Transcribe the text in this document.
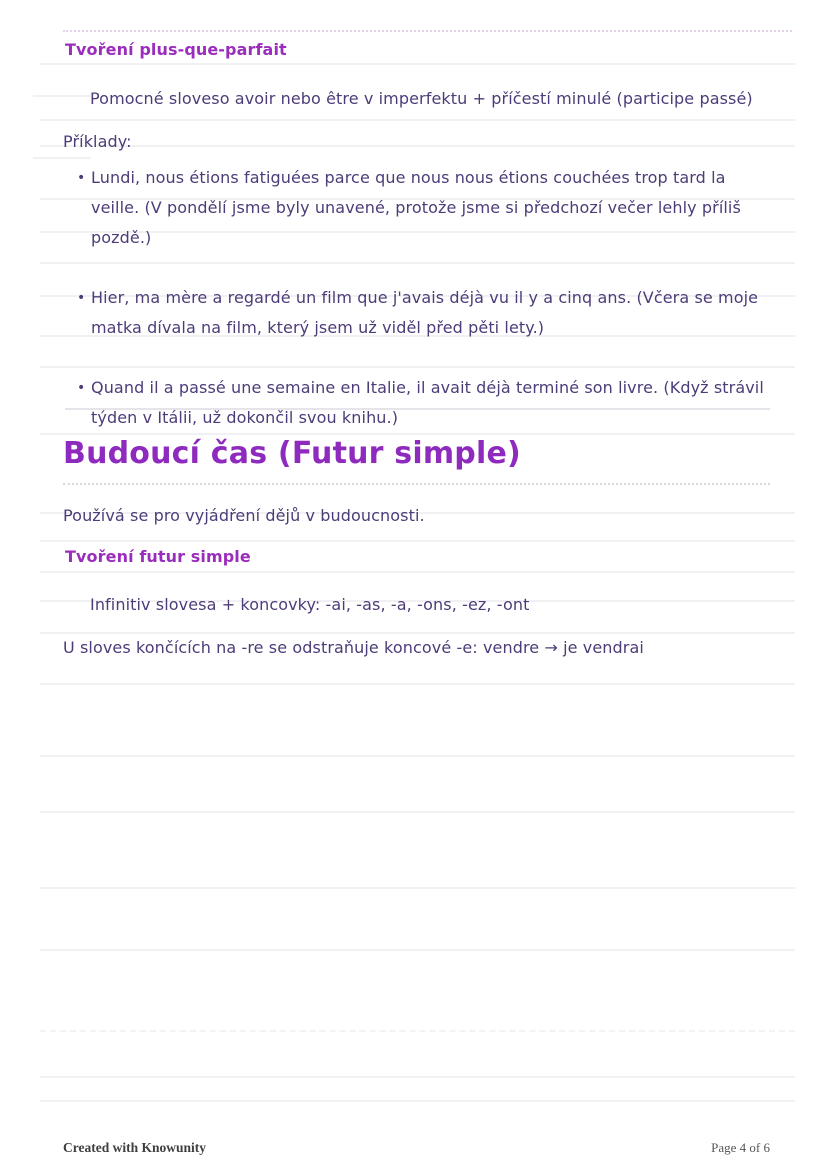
Tvoření plus-que-parfait

Pomocné sloveso avoir nebo être v imperfektu + příčestí minulé (participe passé)

Příklady:

• Lundi, nous étions fatiguées parce que nous nous étions couchées trop tard la veille. (V pondělí jsme byly unavené, protože jsme si předchozí večer lehly příliš pozdě.)
• Hier, ma mère a regardé un film que j'avais déjà vu il y a cinq ans. (Včera se moje matka dívala na film, který jsem už viděl před pěti lety.)
• Quand il a passé une semaine en Italie, il avait déjà terminé son livre. (Když strávil týden v Itálii, už dokončil svou knihu.)
Budoucí čas (Futur simple)

Používá se pro vyjádření dějů v budoucnosti.

Tvoření futur simple

Infinitiv slovesa + koncovky: -ai, -as, -a, -ons, -ez, -ont

U sloves končících na -re se odstraňuje koncové -e: vendre → je vendrai

Created with Knowunity	Page 4 of 6
